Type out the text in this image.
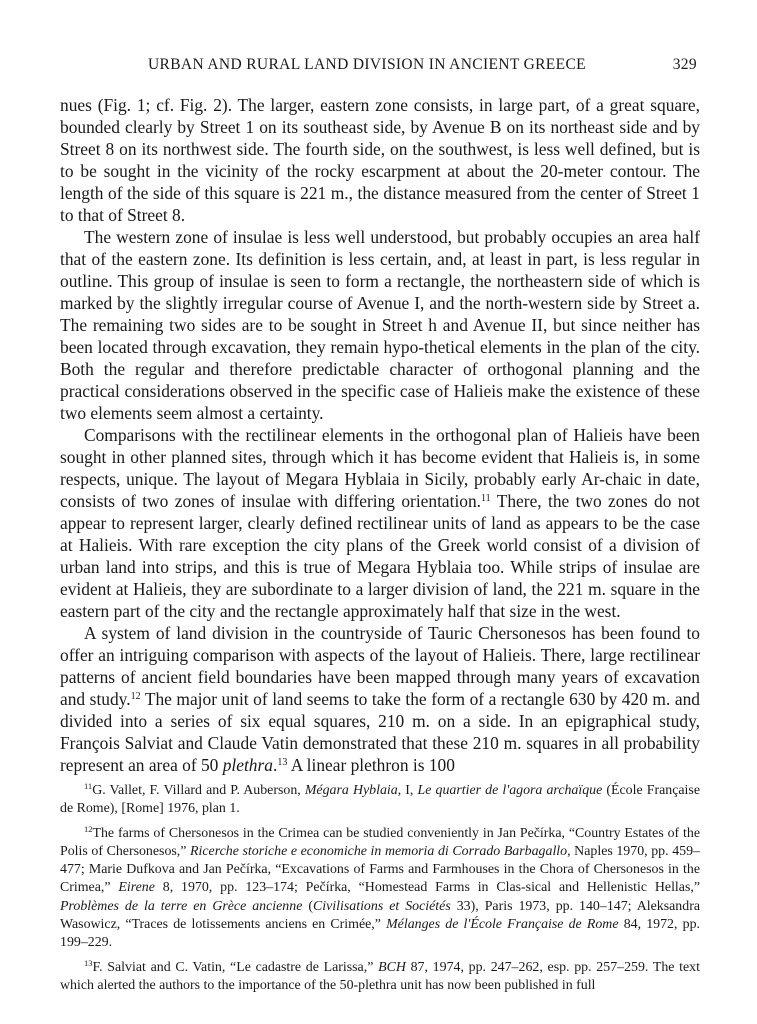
URBAN AND RURAL LAND DIVISION IN ANCIENT GREECE	329

nues (Fig. 1; cf. Fig. 2). The larger, eastern zone consists, in large part, of a great square, bounded clearly by Street 1 on its southeast side, by Avenue B on its northeast side and by Street 8 on its northwest side. The fourth side, on the southwest, is less well defined, but is to be sought in the vicinity of the rocky escarpment at about the 20-meter contour. The length of the side of this square is 221 m., the distance measured from the center of Street 1 to that of Street 8.

The western zone of insulae is less well understood, but probably occupies an area half that of the eastern zone. Its definition is less certain, and, at least in part, is less regular in outline. This group of insulae is seen to form a rectangle, the northeastern side of which is marked by the slightly irregular course of Avenue I, and the north-western side by Street a. The remaining two sides are to be sought in Street h and Avenue II, but since neither has been located through excavation, they remain hypo-thetical elements in the plan of the city. Both the regular and therefore predictable character of orthogonal planning and the practical considerations observed in the specific case of Halieis make the existence of these two elements seem almost a certainty.

Comparisons with the rectilinear elements in the orthogonal plan of Halieis have been sought in other planned sites, through which it has become evident that Halieis is, in some respects, unique. The layout of Megara Hyblaia in Sicily, probably early Ar-chaic in date, consists of two zones of insulae with differing orientation.$^{11}$ There, the two zones do not appear to represent larger, clearly defined rectilinear units of land as appears to be the case at Halieis. With rare exception the city plans of the Greek world consist of a division of urban land into strips, and this is true of Megara Hyblaia too. While strips of insulae are evident at Halieis, they are subordinate to a larger division of land, the 221 m. square in the eastern part of the city and the rectangle approximately half that size in the west.

A system of land division in the countryside of Tauric Chersonesos has been found to offer an intriguing comparison with aspects of the layout of Halieis. There, large rectilinear patterns of ancient field boundaries have been mapped through many years of excavation and study.$^{12}$ The major unit of land seems to take the form of a rectangle 630 by 420 m. and divided into a series of six equal squares, 210 m. on a side. In an epigraphical study, François Salviat and Claude Vatin demonstrated that these 210 m. squares in all probability represent an area of 50 plethra.$^{13}$ A linear plethron is 100

$^{11}$G. Vallet, F. Villard and P. Auberson, Mégara Hyblaia, I, Le quartier de l'agora archaïque (École Française de Rome), [Rome] 1976, plan 1.

$^{12}$The farms of Chersonesos in the Crimea can be studied conveniently in Jan Pečírka, “Country Estates of the Polis of Chersonesos,” Ricerche storiche e economiche in memoria di Corrado Barbagallo, Naples 1970, pp. 459–477; Marie Dufkova and Jan Pečírka, “Excavations of Farms and Farmhouses in the Chora of Chersonesos in the Crimea,” Eirene 8, 1970, pp. 123–174; Pečírka, “Homestead Farms in Clas-sical and Hellenistic Hellas,” Problèmes de la terre en Grèce ancienne (Civilisations et Sociétés 33), Paris 1973, pp. 140–147; Aleksandra Wasowicz, “Traces de lotissements anciens en Crimée,” Mélanges de l'École Française de Rome 84, 1972, pp. 199–229.

$^{13}$F. Salviat and C. Vatin, “Le cadastre de Larissa,” BCH 87, 1974, pp. 247–262, esp. pp. 257–259. The text which alerted the authors to the importance of the 50-plethra unit has now been published in full
